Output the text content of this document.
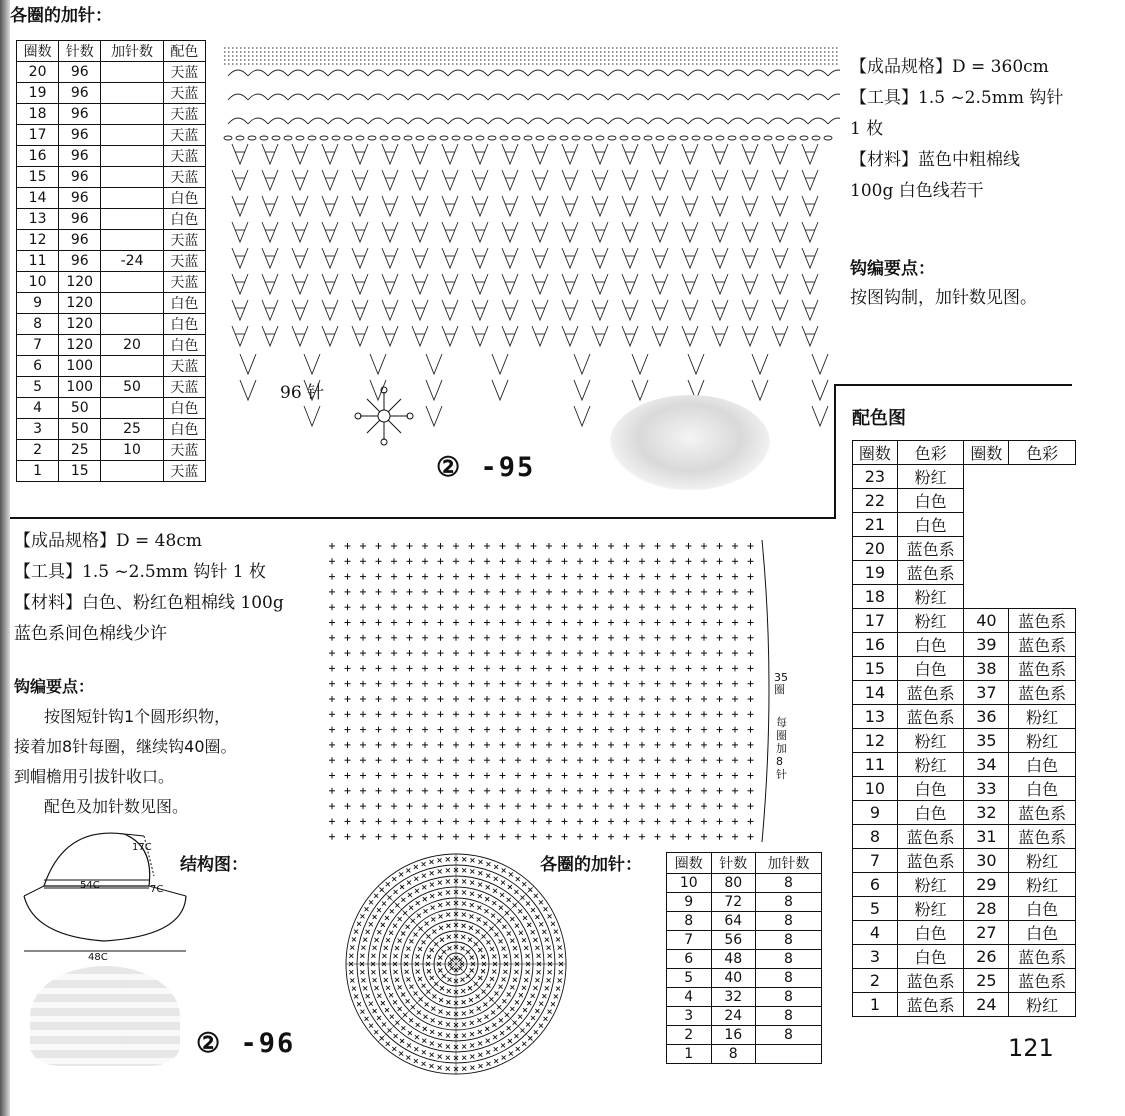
各圈的加针：
圈数	针数	加针数	配色
20	96		天蓝
19	96		天蓝
18	96		天蓝
17	96		天蓝
16	96		天蓝
15	96		天蓝
14	96		白色
13	96		白色
12	96		天蓝
11	96	-24	天蓝
10	120		天蓝
9	120		白色
8	120		白色
7	120	20	白色
6	100		天蓝
5	100	50	天蓝
4	50		白色
3	50	25	白色
2	25	10	天蓝
1	15		天蓝
96 针
② -95
【成品规格】D = 360cm
【工具】1.5 ~2.5mm 钩针
1 枚
【材料】蓝色中粗棉线
100g 白色线若干
钩编要点：
按图钩制，加针数见图。
【成品规格】D = 48cm
【工具】1.5 ~2.5mm 钩针 1 枚
【材料】白色、粉红色粗棉线 100g
蓝色系间色棉线少许
钩编要点：
按图短针钩1个圆形织物，
接着加8针每圈，继续钩40圈。
到帽檐用引拔针收口。
配色及加针数见图。
17C
54C	7C
48C
结构图：
② -96
35圈
每圈加8针
各圈的加针： 圈数	针数	加针数
10	80	8
9	72	8
8	64	8
7	56	8
6	48	8
5	40	8
4	32	8
3	24	8
2	16	8
1	8	
配色图
圈数	色彩	圈数	色彩
23	粉红		
22	白色		
21	白色		
20	蓝色系		
19	蓝色系		
18	粉红		
17	粉红	40	蓝色系
16	白色	39	蓝色系
15	白色	38	蓝色系
14	蓝色系	37	蓝色系
13	蓝色系	36	粉红
12	粉红	35	粉红
11	粉红	34	白色
10	白色	33	白色
9	白色	32	蓝色系
8	蓝色系	31	蓝色系
7	蓝色系	30	粉红
6	粉红	29	粉红
5	粉红	28	白色
4	白色	27	白色
3	白色	26	蓝色系
2	蓝色系	25	蓝色系
1	蓝色系	24	粉红
121
